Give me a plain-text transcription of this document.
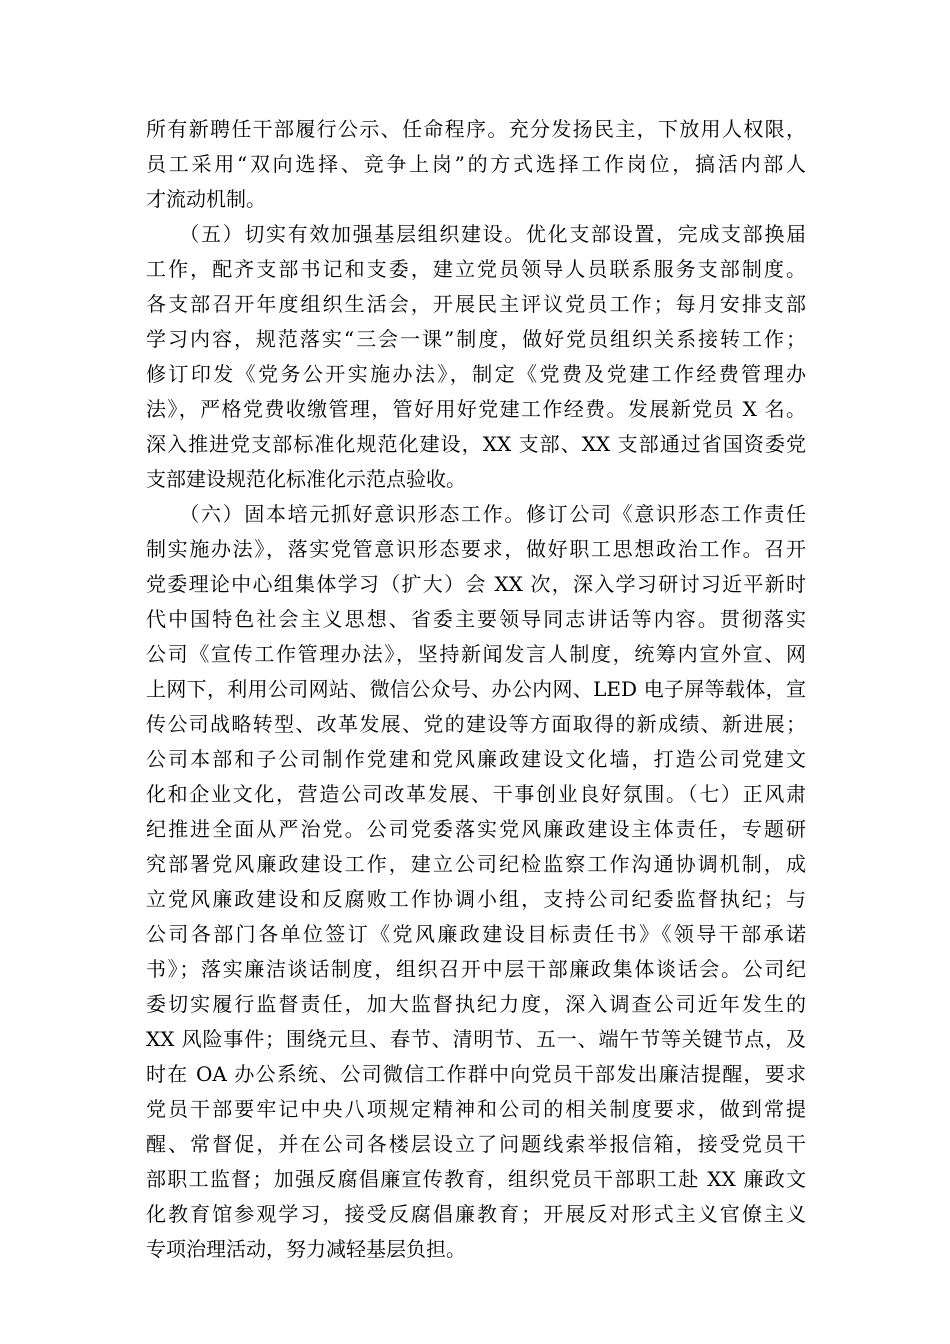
所有新聘任干部履行公示、任命程序。充分发扬民主，下放用人权限，
员工采用“双向选择、竞争上岗”的方式选择工作岗位，搞活内部人
才流动机制。

　　（五）切实有效加强基层组织建设。优化支部设置，完成支部换届
工作，配齐支部书记和支委，建立党员领导人员联系服务支部制度。
各支部召开年度组织生活会，开展民主评议党员工作；每月安排支部
学习内容，规范落实“三会一课”制度，做好党员组织关系接转工作；
修订印发《党务公开实施办法》，制定《党费及党建工作经费管理办
法》，严格党费收缴管理，管好用好党建工作经费。发展新党员 X 名。
深入推进党支部标准化规范化建设，XX 支部、XX 支部通过省国资委党
支部建设规范化标准化示范点验收。

　　（六）固本培元抓好意识形态工作。修订公司《意识形态工作责任
制实施办法》，落实党管意识形态要求，做好职工思想政治工作。召开
党委理论中心组集体学习（扩大）会 XX 次，深入学习研讨习近平新时
代中国特色社会主义思想、省委主要领导同志讲话等内容。贯彻落实
公司《宣传工作管理办法》，坚持新闻发言人制度，统筹内宣外宣、网
上网下，利用公司网站、微信公众号、办公内网、LED 电子屏等载体，宣
传公司战略转型、改革发展、党的建设等方面取得的新成绩、新进展；
公司本部和子公司制作党建和党风廉政建设文化墙，打造公司党建文
化和企业文化，营造公司改革发展、干事创业良好氛围。（七）正风肃
纪推进全面从严治党。公司党委落实党风廉政建设主体责任，专题研
究部署党风廉政建设工作，建立公司纪检监察工作沟通协调机制，成
立党风廉政建设和反腐败工作协调小组，支持公司纪委监督执纪；与
公司各部门各单位签订《党风廉政建设目标责任书》《领导干部承诺
书》；落实廉洁谈话制度，组织召开中层干部廉政集体谈话会。公司纪
委切实履行监督责任，加大监督执纪力度，深入调查公司近年发生的
XX 风险事件；围绕元旦、春节、清明节、五一、端午节等关键节点，及
时在 OA 办公系统、公司微信工作群中向党员干部发出廉洁提醒，要求
党员干部要牢记中央八项规定精神和公司的相关制度要求，做到常提
醒、常督促，并在公司各楼层设立了问题线索举报信箱，接受党员干
部职工监督；加强反腐倡廉宣传教育，组织党员干部职工赴 XX 廉政文
化教育馆参观学习，接受反腐倡廉教育；开展反对形式主义官僚主义
专项治理活动，努力减轻基层负担。
